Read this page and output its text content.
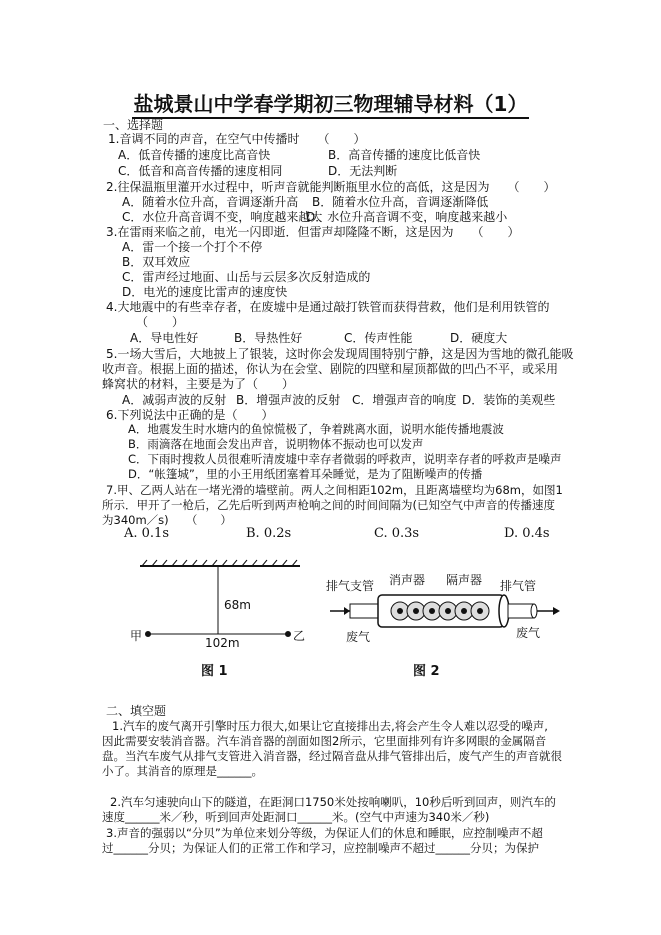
盐城景山中学春学期初三物理辅导材料（1）
一、选择题
1.音调不同的声音，在空气中传播时　　（　　）
A．低音传播的速度比高音快	B．高音传播的速度比低音快
C．低音和高音传播的速度相同	D．无法判断
2.往保温瓶里灌开水过程中，听声音就能判断瓶里水位的高低，这是因为　　（　　）
A．随着水位升高，音调逐渐升高 B．随着水位升高，音调逐渐降低
C．水位升高音调不变，响度越来越大
D．水位升高音调不变，响度越来越小
3.在雷雨来临之前，电光一闪即逝．但雷声却隆隆不断，这是因为　　（　　）
A．雷一个接一个打个不停
B．双耳效应
C．雷声经过地面、山岳与云层多次反射造成的
D．电光的速度比雷声的速度快
4.大地震中的有些幸存者，在废墟中是通过敲打铁管而获得营救，他们是利用铁管的
（　　）
A．导电性好	B．导热性好	C．传声性能	D．硬度大
5.一场大雪后，大地披上了银装，这时你会发现周围特别宁静，这是因为雪地的微孔能吸
收声音。根据上面的描述，你认为在会堂、剧院的四壁和屋顶都做的凹凸不平，或采用
蜂窝状的材料，主要是为了（　　）
A．减弱声波的反射 B．增强声波的反射 C．增强声音的响度 D．装饰的美观些
6.下列说法中正确的是（　　）
A．地震发生时水塘内的鱼惊慌极了，争着跳离水面，说明水能传播地震波
B．雨滴落在地面会发出声音，说明物体不振动也可以发声
C．下雨时搜救人员很难听清废墟中幸存者微弱的呼救声，说明幸存者的呼救声是噪声
D．“帐篷城”，里的小王用纸团塞着耳朵睡觉，是为了阻断噪声的传播
7.甲、乙两人站在一堵光滑的墙壁前。两人之间相距102m，且距离墙壁均为68m，如图1
所示．甲开了一枪后，乙先后听到两声枪响之间的时间间隔为(已知空气中声音的传播速度
为340m／s)　　（　　）
A. 0.1s	B. 0.2s	C. 0.3s	D. 0.4s
68m
102m
甲	乙
图 1
排气支管 消声器 隔声器 排气管
废气	废气
图 2
二、填空题
1.汽车的废气离开引擎时压力很大,如果让它直接排出去,将会产生令人难以忍受的噪声,
因此需要安装消音器。汽车消音器的剖面如图2所示，它里面排列有许多网眼的金属隔音
盘。当汽车废气从排气支管进入消音器，经过隔音盘从排气管排出后，废气产生的声音就很
小了。其消音的原理是______。
2.汽车匀速驶向山下的隧道，在距洞口1750米处按响喇叭，10秒后听到回声，则汽车的
速度______米／秒，听到回声处距洞口______米。(空气中声速为340米／秒)
3.声音的强弱以“分贝”为单位来划分等级，为保证人们的休息和睡眠，应控制噪声不超
过______分贝；为保证人们的正常工作和学习，应控制噪声不超过______分贝；为保护
